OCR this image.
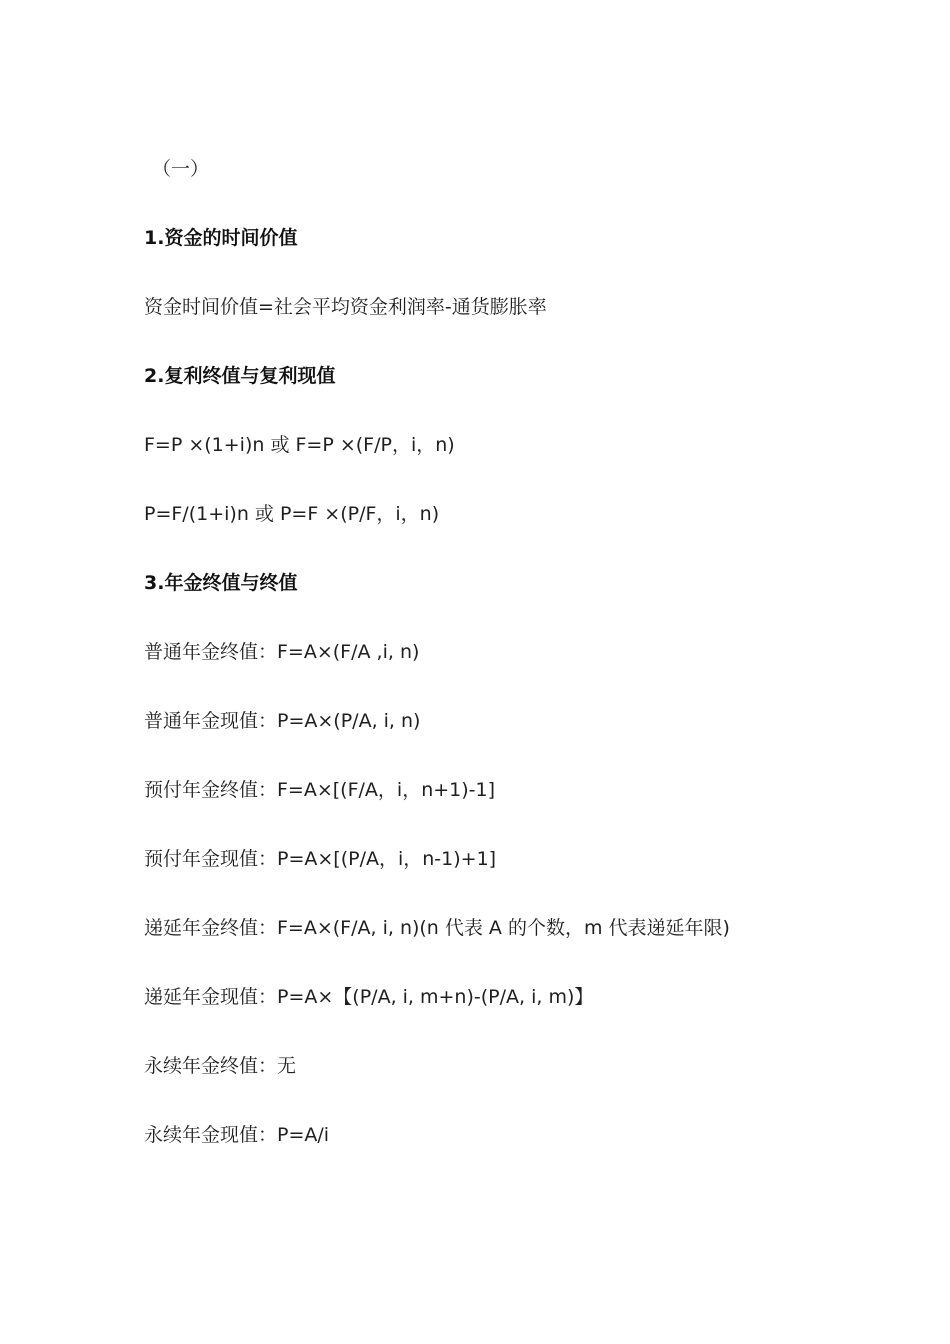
（一）
1.资金的时间价值
资金时间价值=社会平均资金利润率-通货膨胀率
2.复利终值与复利现值
F=P ×(1+i)n 或 F=P ×(F/P，i，n)
P=F/(1+i)n 或 P=F ×(P/F，i，n)
3.年金终值与终值
普通年金终值：F=A×(F/A ,i, n)
普通年金现值：P=A×(P/A, i, n)
预付年金终值：F=A×[(F/A，i，n+1)-1]
预付年金现值：P=A×[(P/A，i，n-1)+1]
递延年金终值：F=A×(F/A, i, n)(n 代表 A 的个数，m 代表递延年限)
递延年金现值：P=A×【(P/A, i, m+n)-(P/A, i, m)】
永续年金终值：无
永续年金现值：P=A/i
